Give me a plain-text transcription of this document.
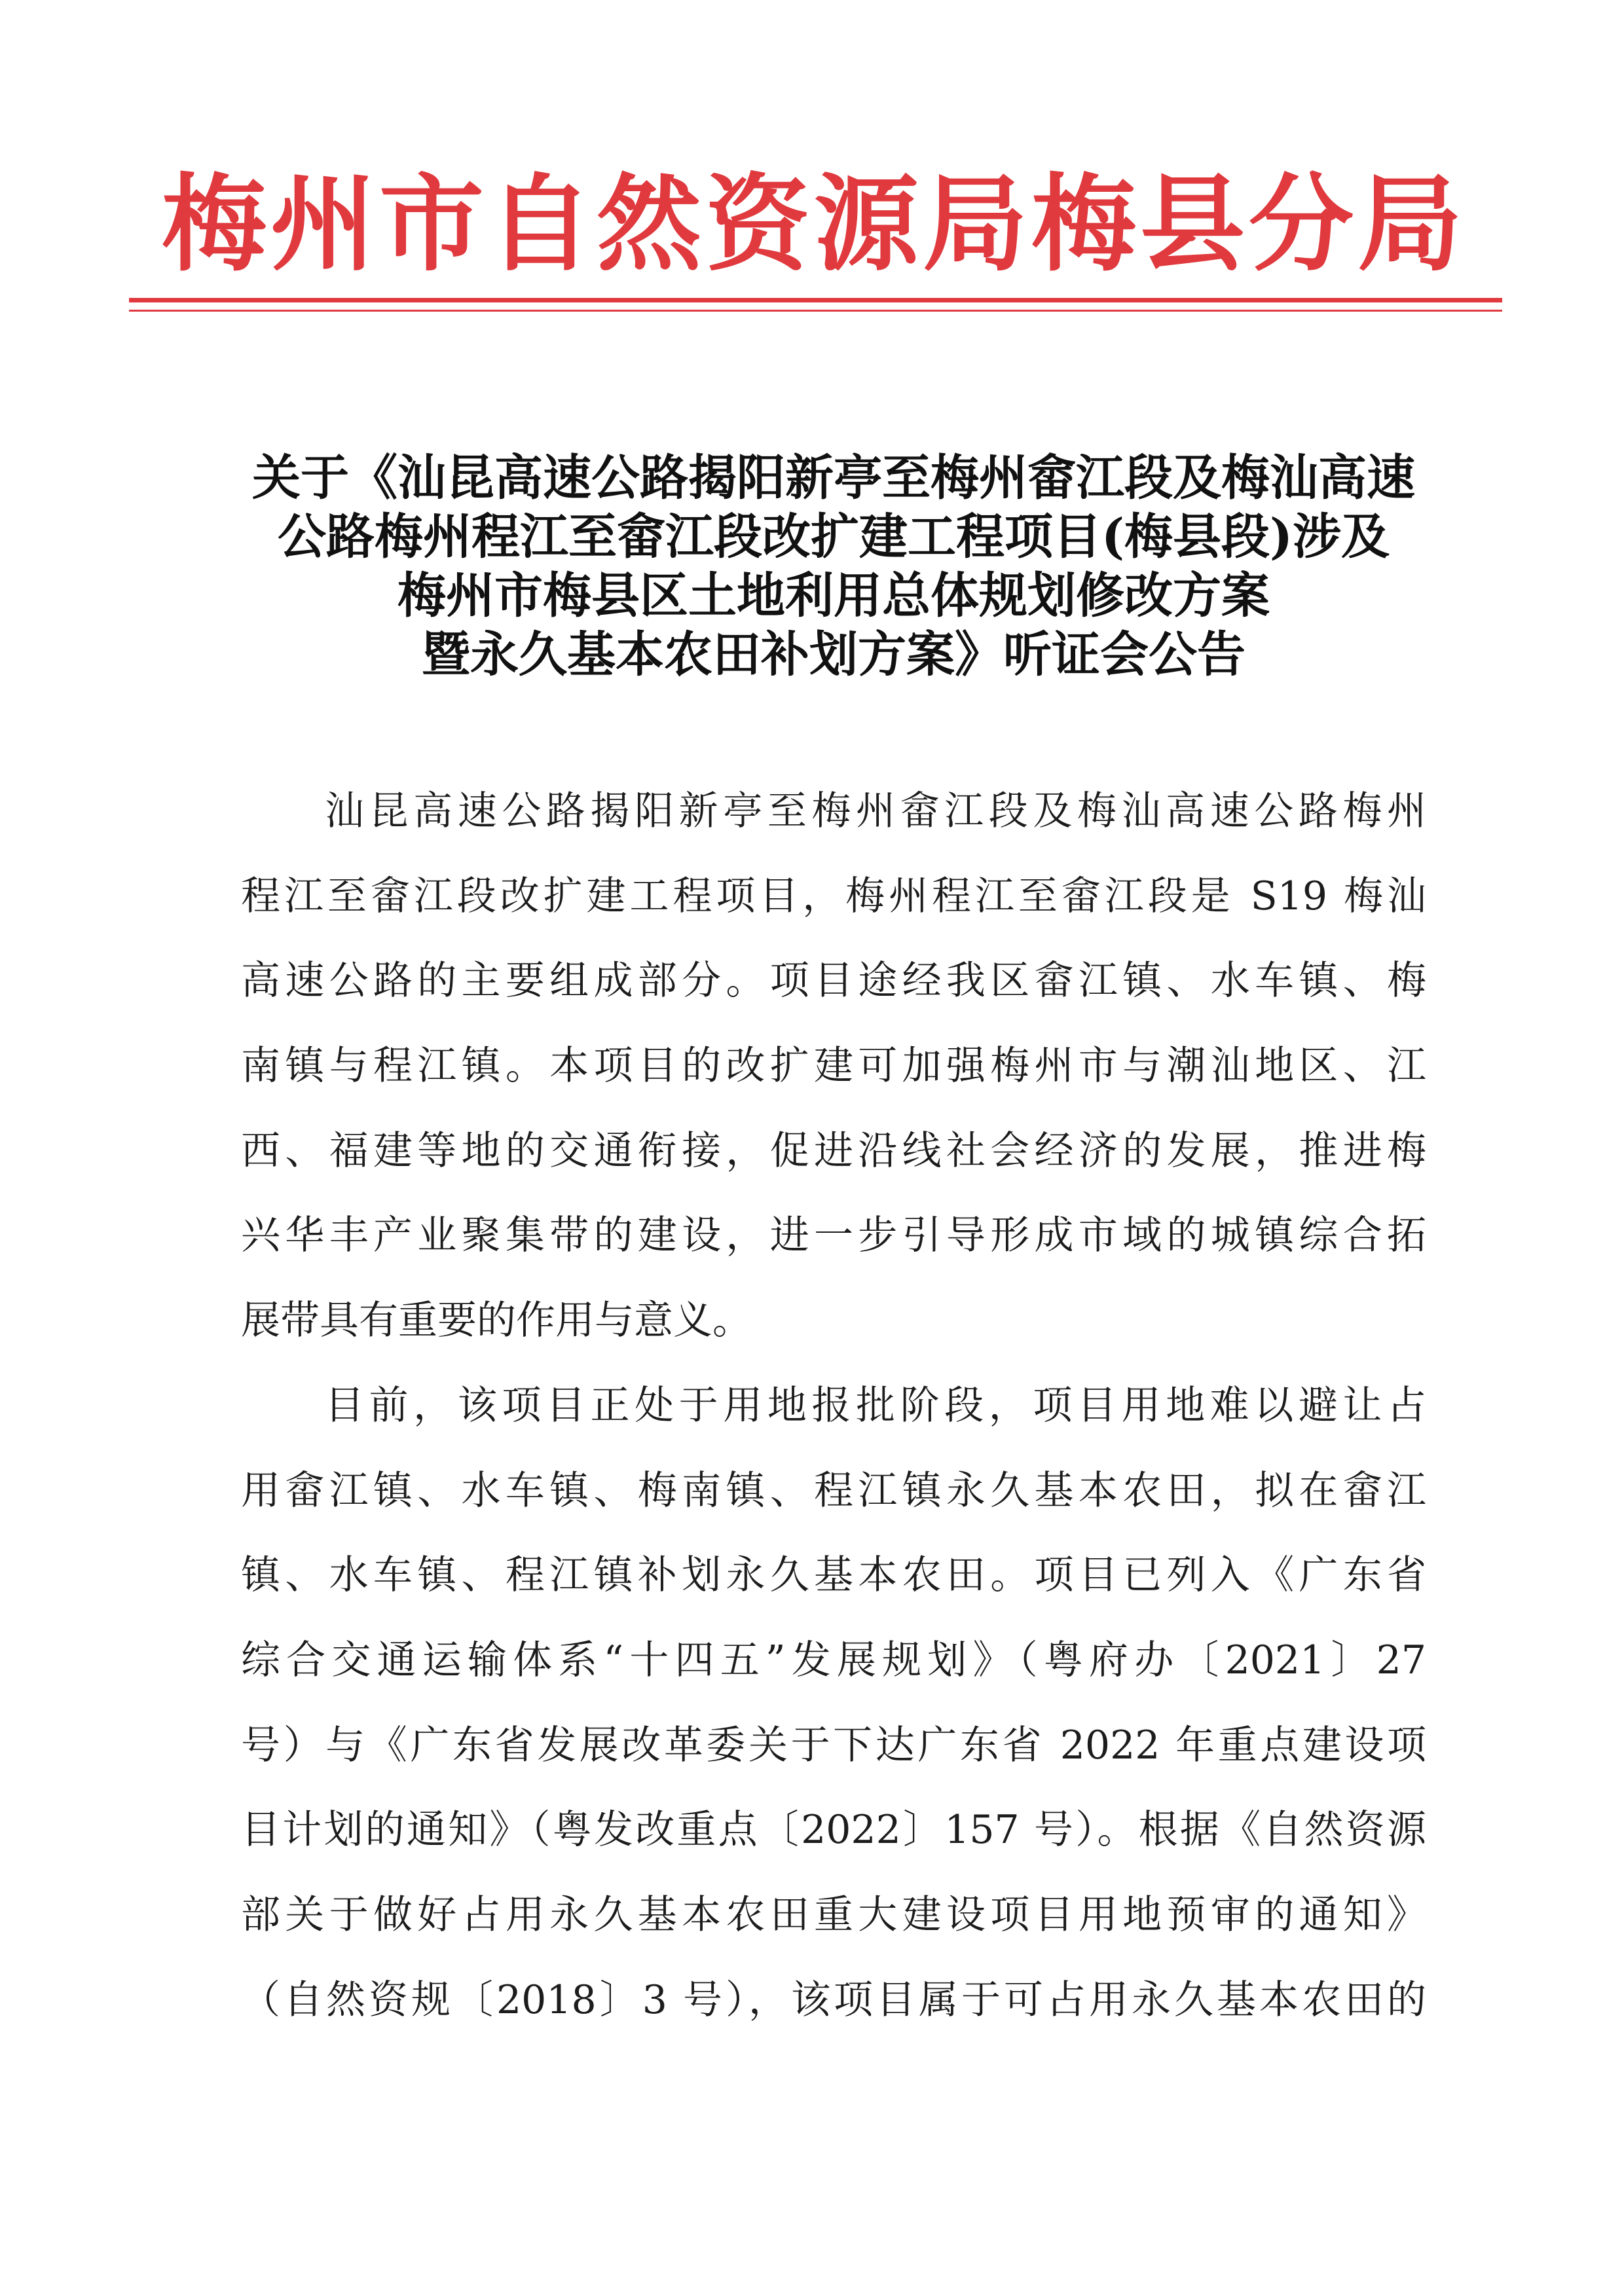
梅州市自然资源局梅县分局
关于《汕昆高速公路揭阳新亭至梅州畲江段及梅汕高速
公路梅州程江至畲江段改扩建工程项目(梅县段)涉及
梅州市梅县区土地利用总体规划修改方案
暨永久基本农田补划方案》听证会公告
汕昆高速公路揭阳新亭至梅州畲江段及梅汕高速公路梅州
程江至畲江段改扩建工程项目，梅州程江至畲江段是 S19 梅汕
高速公路的主要组成部分。项目途经我区畲江镇、水车镇、梅
南镇与程江镇。本项目的改扩建可加强梅州市与潮汕地区、江
西、福建等地的交通衔接，促进沿线社会经济的发展，推进梅
兴华丰产业聚集带的建设，进一步引导形成市域的城镇综合拓
展带具有重要的作用与意义。
目前，该项目正处于用地报批阶段，项目用地难以避让占
用畲江镇、水车镇、梅南镇、程江镇永久基本农田，拟在畲江
镇、水车镇、程江镇补划永久基本农田。项目已列入《广东省
综合交通运输体系“十四五”发展规划》（粤府办〔2021〕27
号）与《广东省发展改革委关于下达广东省 2022 年重点建设项
目计划的通知》（粤发改重点〔2022〕157 号）。根据《自然资源
部关于做好占用永久基本农田重大建设项目用地预审的通知》
（自然资规〔2018〕3 号），该项目属于可占用永久基本农田的
